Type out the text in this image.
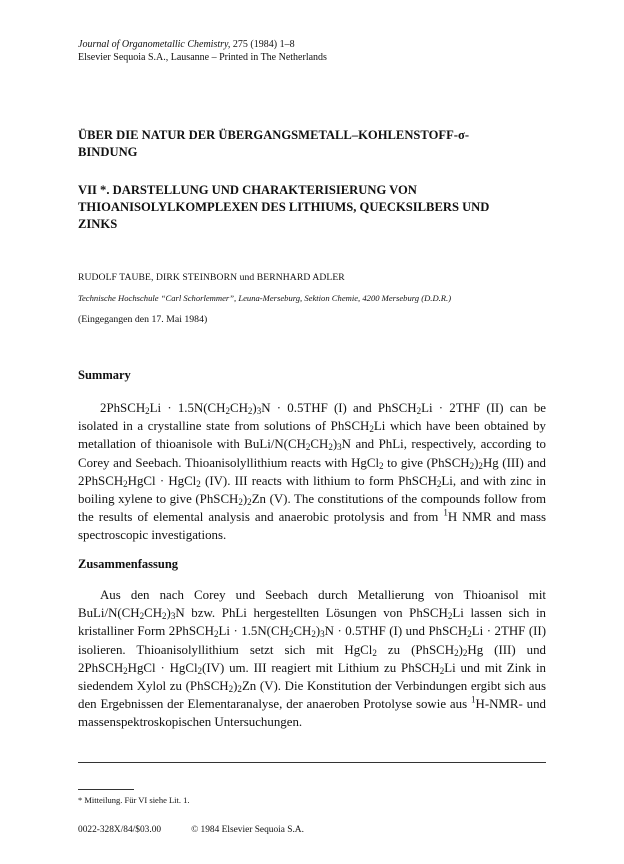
Journal of Organometallic Chemistry, 275 (1984) 1–8
Elsevier Sequoia S.A., Lausanne – Printed in The Netherlands
ÜBER DIE NATUR DER ÜBERGANGSMETALL–KOHLENSTOFF-σ-
BINDUNG
VII *. DARSTELLUNG UND CHARAKTERISIERUNG VON
THIOANISOLYLKOMPLEXEN DES LITHIUMS, QUECKSILBERS UND
ZINKS
RUDOLF TAUBE, DIRK STEINBORN und BERNHARD ADLER
Technische Hochschule “Carl Schorlemmer”, Leuna-Merseburg, Sektion Chemie, 4200 Merseburg (D.D.R.)
(Eingegangen den 17. Mai 1984)
Summary

2PhSCH$_2$Li · $1.5N(CH_2CH_2)_3N \cdot 0.5THF$ (I) and PhSCH$_2$Li · 2THF (II) can be isolated in a crystalline state from solutions of PhSCH$_2$Li which have been obtained by metallation of thioanisole with BuLi/$N(CH_2CH_2)_3N$ and PhLi, respectively, according to Corey and Seebach. Thioanisolyllithium reacts with HgCl$_2$ to give $(PhSCH_2)_2Hg$ (III) and 2PhSCH$_2$HgCl · HgCl$_2$ (IV). III reacts with lithium to form PhSCH$_2$Li, and with zinc in boiling xylene to give $(PhSCH_2)_2Zn$ (V). The constitutions of the compounds follow from the results of elemental analysis and anaerobic protolysis and from $^1$H NMR and mass spectroscopic investigations.

Zusammenfassung

Aus den nach Corey und Seebach durch Metallierung von Thioanisol mit BuLi/$N(CH_2CH_2)_3N$ bzw. PhLi hergestellten Lösungen von PhSCH$_2$Li lassen sich in kristalliner Form 2PhSCH$_2$Li · $1.5N(CH_2CH_2)_3N \cdot 0.5THF$ (I) und PhSCH$_2$Li · 2THF (II) isolieren. Thioanisolyllithium setzt sich mit HgCl$_2$ zu $(PhSCH_2)_2Hg$ (III) und 2PhSCH$_2$HgCl · HgCl$_2$(IV) um. III reagiert mit Lithium zu PhSCH$_2$Li und mit Zink in siedendem Xylol zu $(PhSCH_2)_2Zn$ (V). Die Konstitution der Verbindungen ergibt sich aus den Ergebnissen der Elementaranalyse, der anaeroben Protolyse sowie aus $^1$H-NMR- und massenspektroskopischen Untersuchungen.

* Mitteilung. Für VI siehe Lit. 1.
0022-328X/84/$03.00	© 1984 Elsevier Sequoia S.A.
